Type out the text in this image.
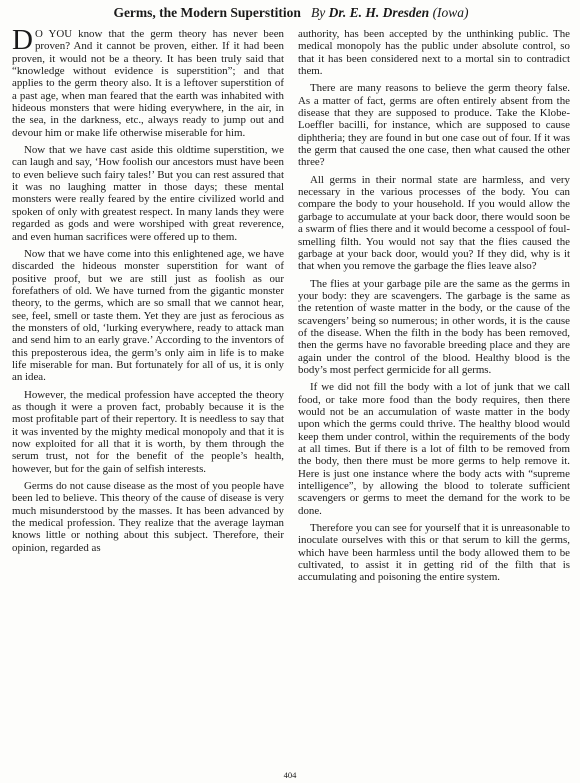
Germs, the Modern Superstition By Dr. E. H. Dresden (Iowa)

D O YOU know that the germ theory has never been proven? And it cannot be proven, either. If it had been proven, it would not be a theory. It has been truly said that “knowledge without evidence is superstition”; and that applies to the germ theory also. It is a leftover superstition of a past age, when man feared that the earth was inhabited with hideous monsters that were hiding everywhere, in the air, in the sea, in the darkness, etc., always ready to jump out and devour him or make life otherwise miserable for him.

Now that we have cast aside this oldtime superstition, we can laugh and say, ‘How foolish our ancestors must have been to even believe such fairy tales!’ But you can rest assured that it was no laughing matter in those days; these mental monsters were really feared by the entire civilized world and spoken of only with greatest respect. In many lands they were regarded as gods and were worshiped with great reverence, and even human sacrifices were offered up to them.

Now that we have come into this enlightened age, we have discarded the hideous monster superstition for want of positive proof, but we are still just as foolish as our forefathers of old. We have turned from the gigantic monster theory, to the germs, which are so small that we cannot hear, see, feel, smell or taste them. Yet they are just as ferocious as the monsters of old, ‘lurking everywhere, ready to attack man and send him to an early grave.’ According to the inventors of this preposterous idea, the germ’s only aim in life is to make life miserable for man. But fortunately for all of us, it is only an idea.

However, the medical profession have accepted the theory as though it were a proven fact, probably because it is the most profitable part of their repertory. It is needless to say that it was invented by the mighty medical monopoly and that it is now exploited for all that it is worth, by them through the serum trust, not for the benefit of the people’s health, however, but for the gain of selfish interests.

Germs do not cause disease as the most of you people have been led to believe. This theory of the cause of disease is very much misunderstood by the masses. It has been advanced by the medical profession. They realize that the average layman knows little or nothing about this subject. Therefore, their opinion, regarded as

authority, has been accepted by the unthinking public. The medical monopoly has the public under absolute control, so that it has been considered next to a mortal sin to contradict them.

There are many reasons to believe the germ theory false. As a matter of fact, germs are often entirely absent from the disease that they are supposed to produce. Take the Klobe-Loeffler bacilli, for instance, which are supposed to cause diphtheria; they are found in but one case out of four. If it was the germ that caused the one case, then what caused the other three?

All germs in their normal state are harmless, and very necessary in the various processes of the body. You can compare the body to your household. If you would allow the garbage to accumulate at your back door, there would soon be a swarm of flies there and it would become a cesspool of foul-smelling filth. You would not say that the flies caused the garbage at your back door, would you? If they did, why is it that when you remove the garbage the flies leave also?

The flies at your garbage pile are the same as the germs in your body: they are scavengers. The garbage is the same as the retention of waste matter in the body, or the cause of the scavengers’ being so numerous; in other words, it is the cause of the disease. When the filth in the body has been removed, then the germs have no favorable breeding place and they are again under the control of the blood. Healthy blood is the body’s most perfect germicide for all germs.

If we did not fill the body with a lot of junk that we call food, or take more food than the body requires, then there would not be an accumulation of waste matter in the body upon which the germs could thrive. The healthy blood would keep them under control, within the requirements of the body at all times. But if there is a lot of filth to be removed from the body, then there must be more germs to help remove it. Here is just one instance where the body acts with “supreme intelligence”, by allowing the blood to tolerate sufficient scavengers or germs to meet the demand for the work to be done.

Therefore you can see for yourself that it is unreasonable to inoculate ourselves with this or that serum to kill the germs, which have been harmless until the body allowed them to be cultivated, to assist it in getting rid of the filth that is accumulating and poisoning the entire system.

404
